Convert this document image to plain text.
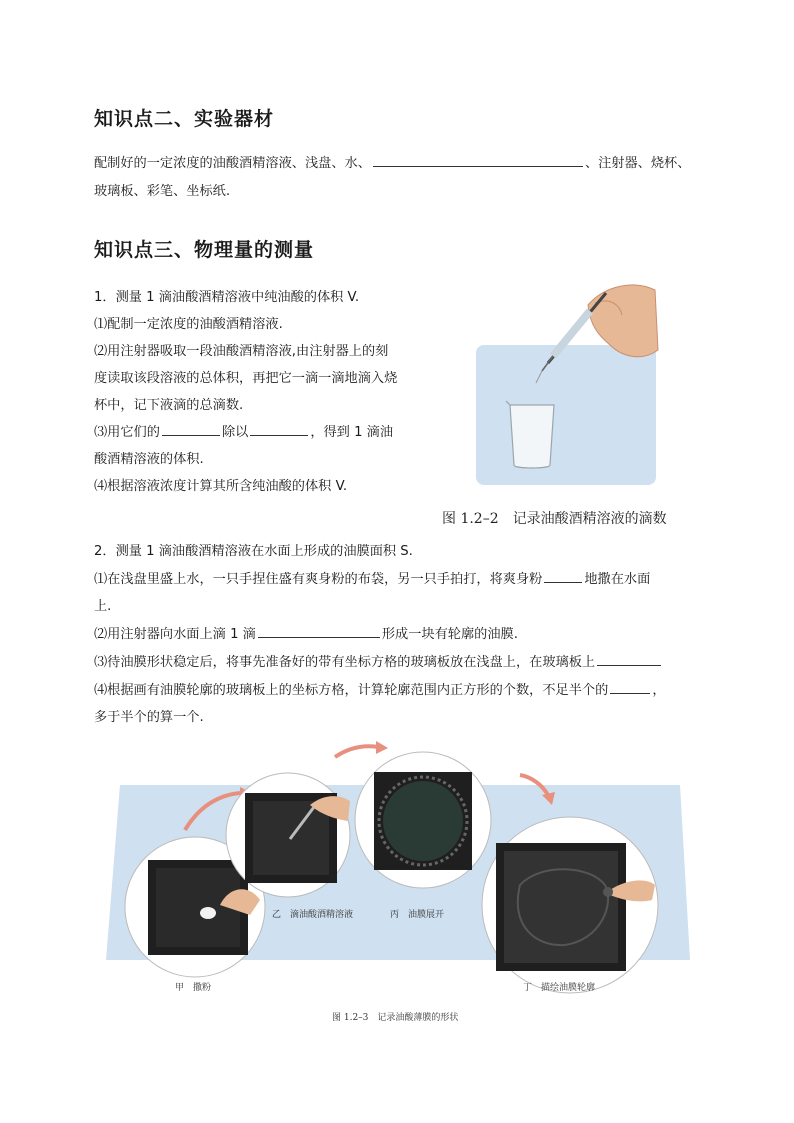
知识点二、实验器材
配制好的一定浓度的油酸酒精溶液、浅盘、水、	、注射器、烧杯、
玻璃板、彩笔、坐标纸.
知识点三、物理量的测量
1．测量 1 滴油酸酒精溶液中纯油酸的体积 V.
⑴配制一定浓度的油酸酒精溶液.
⑵用注射器吸取一段油酸酒精溶液,由注射器上的刻
度读取该段溶液的总体积，再把它一滴一滴地滴入烧
杯中，记下液滴的总滴数.
⑶用它们的	除以	，得到 1 滴油
酸酒精溶液的体积.
⑷根据溶液浓度计算其所含纯油酸的体积 V.
图 1.2–2　记录油酸酒精溶液的滴数
2．测量 1 滴油酸酒精溶液在水面上形成的油膜面积 S.
⑴在浅盘里盛上水，一只手捏住盛有爽身粉的布袋，另一只手拍打，将爽身粉	地撒在水面
上.
⑵用注射器向水面上滴 1 滴	形成一块有轮廓的油膜.
⑶待油膜形状稳定后，将事先准备好的带有坐标方格的玻璃板放在浅盘上，在玻璃板上
⑷根据画有油膜轮廓的玻璃板上的坐标方格，计算轮廓范围内正方形的个数，不足半个的	，
多于半个的算一个.
甲　撒粉
乙　滴油酸酒精溶液	丙　油膜展开
丁　描绘油膜轮廓
图 1.2–3　记录油酸薄膜的形状
